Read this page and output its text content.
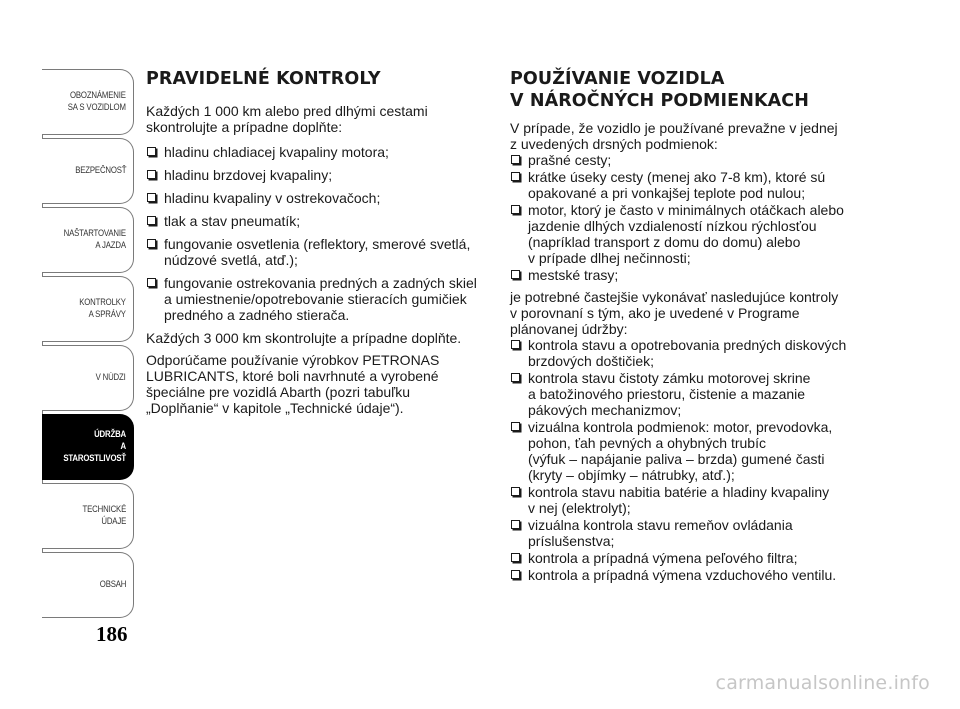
OBOZNÁMENIE
SA S VOZIDLOM
BEZPEČNOSŤ
NAŠTARTOVANIE
A JAZDA
KONTROLKY
A SPRÁVY
V NÚDZI
ÚDRŽBA
A STAROSTLIVOSŤ
TECHNICKÉ
ÚDAJE
OBSAH
186
PRAVIDELNÉ KONTROLY

Každých 1 000 km alebo pred dlhými cestami
skontrolujte a prípadne doplňte:

hladinu chladiacej kvapaliny motora;
hladinu brzdovej kvapaliny;
hladinu kvapaliny v ostrekovačoch;
tlak a stav pneumatík;
fungovanie osvetlenia (reflektory, smerové svetlá,
núdzové svetlá, atď.);
fungovanie ostrekovania predných a zadných skiel
a umiestnenie/opotrebovanie stieracích gumičiek
predného a zadného stierača.

Každých 3 000 km skontrolujte a prípadne doplňte.

Odporúčame používanie výrobkov PETRONAS
LUBRICANTS, ktoré boli navrhnuté a vyrobené
špeciálne pre vozidlá Abarth (pozri tabuľku
„Doplňanie“ v kapitole „Technické údaje“).

POUŽÍVANIE VOZIDLA
V NÁROČNÝCH PODMIENKACH

V prípade, že vozidlo je používané prevažne v jednej
z uvedených drsných podmienok:

prašné cesty;
krátke úseky cesty (menej ako 7-8 km), ktoré sú
opakované a pri vonkajšej teplote pod nulou;
motor, ktorý je často v minimálnych otáčkach alebo
jazdenie dlhých vzdialeností nízkou rýchlosťou
(napríklad transport z domu do domu) alebo
v prípade dlhej nečinnosti;
mestské trasy;

je potrebné častejšie vykonávať nasledujúce kontroly
v porovnaní s tým, ako je uvedené v Programe
plánovanej údržby:

kontrola stavu a opotrebovania predných diskových
brzdových doštičiek;
kontrola stavu čistoty zámku motorovej skrine
a batožinového priestoru, čistenie a mazanie
pákových mechanizmov;
vizuálna kontrola podmienok: motor, prevodovka,
pohon, ťah pevných a ohybných trubíc
(výfuk – napájanie paliva – brzda) gumené časti
(kryty – objímky – nátrubky, atď.);
kontrola stavu nabitia batérie a hladiny kvapaliny
v nej (elektrolyt);
vizuálna kontrola stavu remeňov ovládania
príslušenstva;
kontrola a prípadná výmena peľového filtra;
kontrola a prípadná výmena vzduchového ventilu.
carmanualsonline.info
